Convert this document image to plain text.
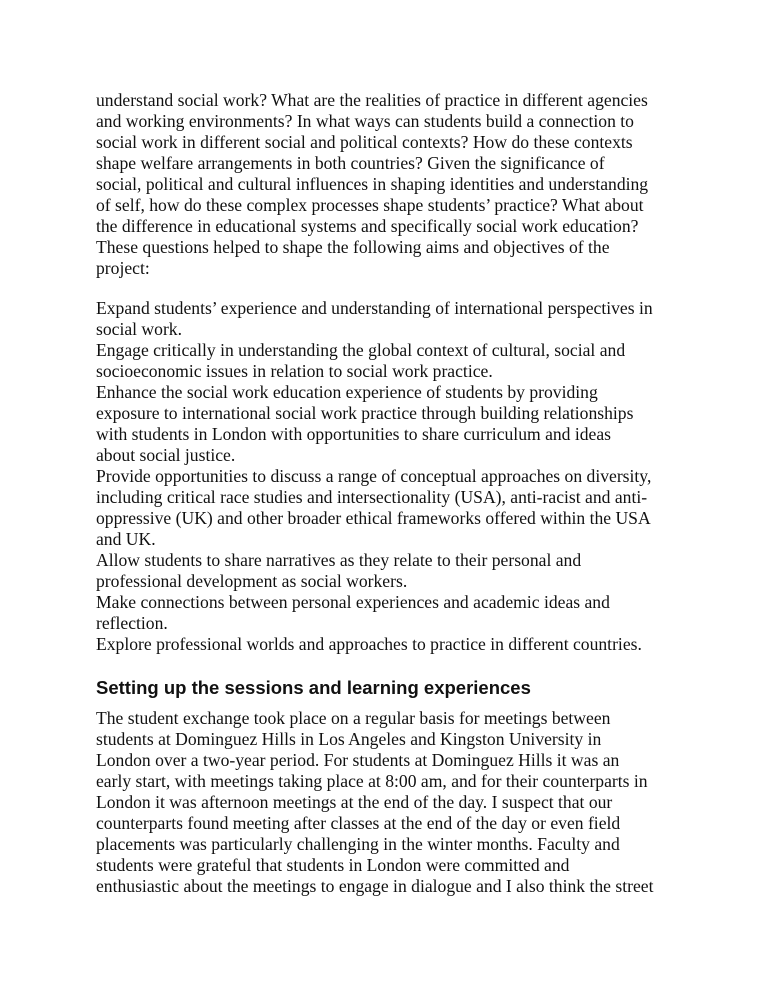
understand social work? What are the realities of practice in different agencies
and working environments? In what ways can students build a connection to
social work in different social and political contexts? How do these contexts
shape welfare arrangements in both countries? Given the significance of
social, political and cultural influences in shaping identities and understanding
of self, how do these complex processes shape students’ practice? What about
the difference in educational systems and specifically social work education?
These questions helped to shape the following aims and objectives of the
project:

Expand students’ experience and understanding of international perspectives in
social work.
Engage critically in understanding the global context of cultural, social and
socioeconomic issues in relation to social work practice.
Enhance the social work education experience of students by providing
exposure to international social work practice through building relationships
with students in London with opportunities to share curriculum and ideas
about social justice.
Provide opportunities to discuss a range of conceptual approaches on diversity,
including critical race studies and intersectionality (USA), anti-racist and anti-
oppressive (UK) and other broader ethical frameworks offered within the USA
and UK.
Allow students to share narratives as they relate to their personal and
professional development as social workers.
Make connections between personal experiences and academic ideas and
reflection.
Explore professional worlds and approaches to practice in different countries.
Setting up the sessions and learning experiences

The student exchange took place on a regular basis for meetings between
students at Dominguez Hills in Los Angeles and Kingston University in
London over a two-year period. For students at Dominguez Hills it was an
early start, with meetings taking place at 8:00 am, and for their counterparts in
London it was afternoon meetings at the end of the day. I suspect that our
counterparts found meeting after classes at the end of the day or even field
placements was particularly challenging in the winter months. Faculty and
students were grateful that students in London were committed and
enthusiastic about the meetings to engage in dialogue and I also think the street
